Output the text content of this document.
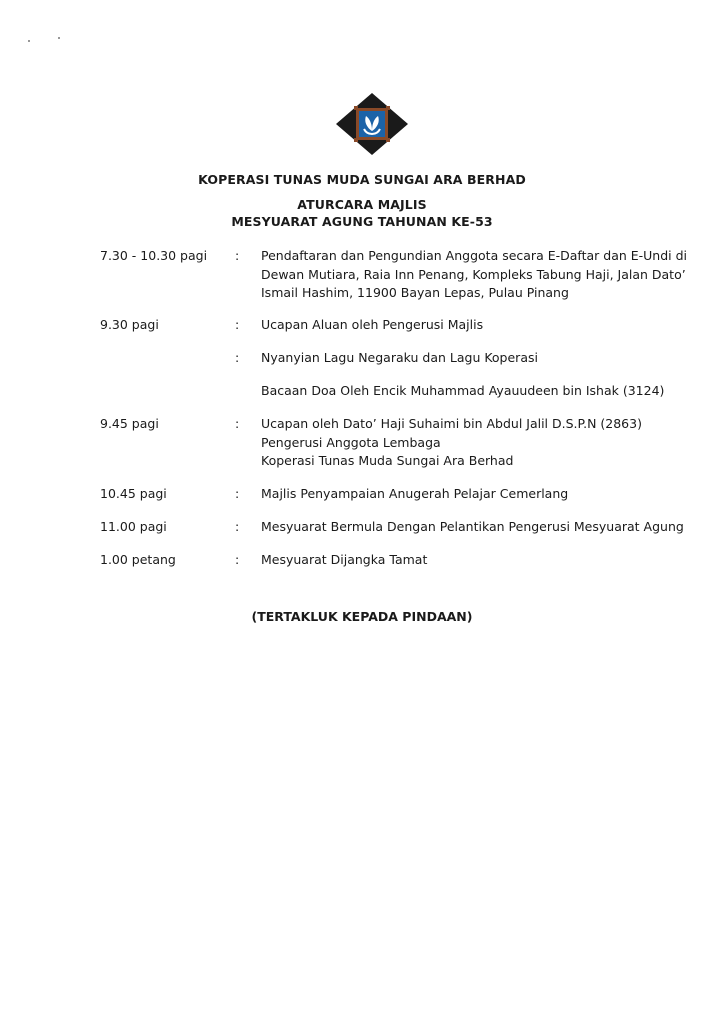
KOPERASI TUNAS MUDA SUNGAI ARA BERHAD
ATURCARA MAJLIS
MESYUARAT AGUNG TAHUNAN KE-53
7.30 - 10.30 pagi : Pendaftaran dan Pengundian Anggota secara E-Daftar dan E-Undi di
Dewan Mutiara, Raia Inn Penang, Kompleks Tabung Haji, Jalan Dato’
Ismail Hashim, 11900 Bayan Lepas, Pulau Pinang
9.30 pagi	: Ucapan Aluan oleh Pengerusi Majlis
: Nyanyian Lagu Negaraku dan Lagu Koperasi
Bacaan Doa Oleh Encik Muhammad Ayauudeen bin Ishak (3124)
9.45 pagi	: Ucapan oleh Dato’ Haji Suhaimi bin Abdul Jalil D.S.P.N (2863)
Pengerusi Anggota Lembaga
Koperasi Tunas Muda Sungai Ara Berhad
10.45 pagi	: Majlis Penyampaian Anugerah Pelajar Cemerlang
11.00 pagi	: Mesyuarat Bermula Dengan Pelantikan Pengerusi Mesyuarat Agung
1.00 petang	: Mesyuarat Dijangka Tamat
(TERTAKLUK KEPADA PINDAAN)
